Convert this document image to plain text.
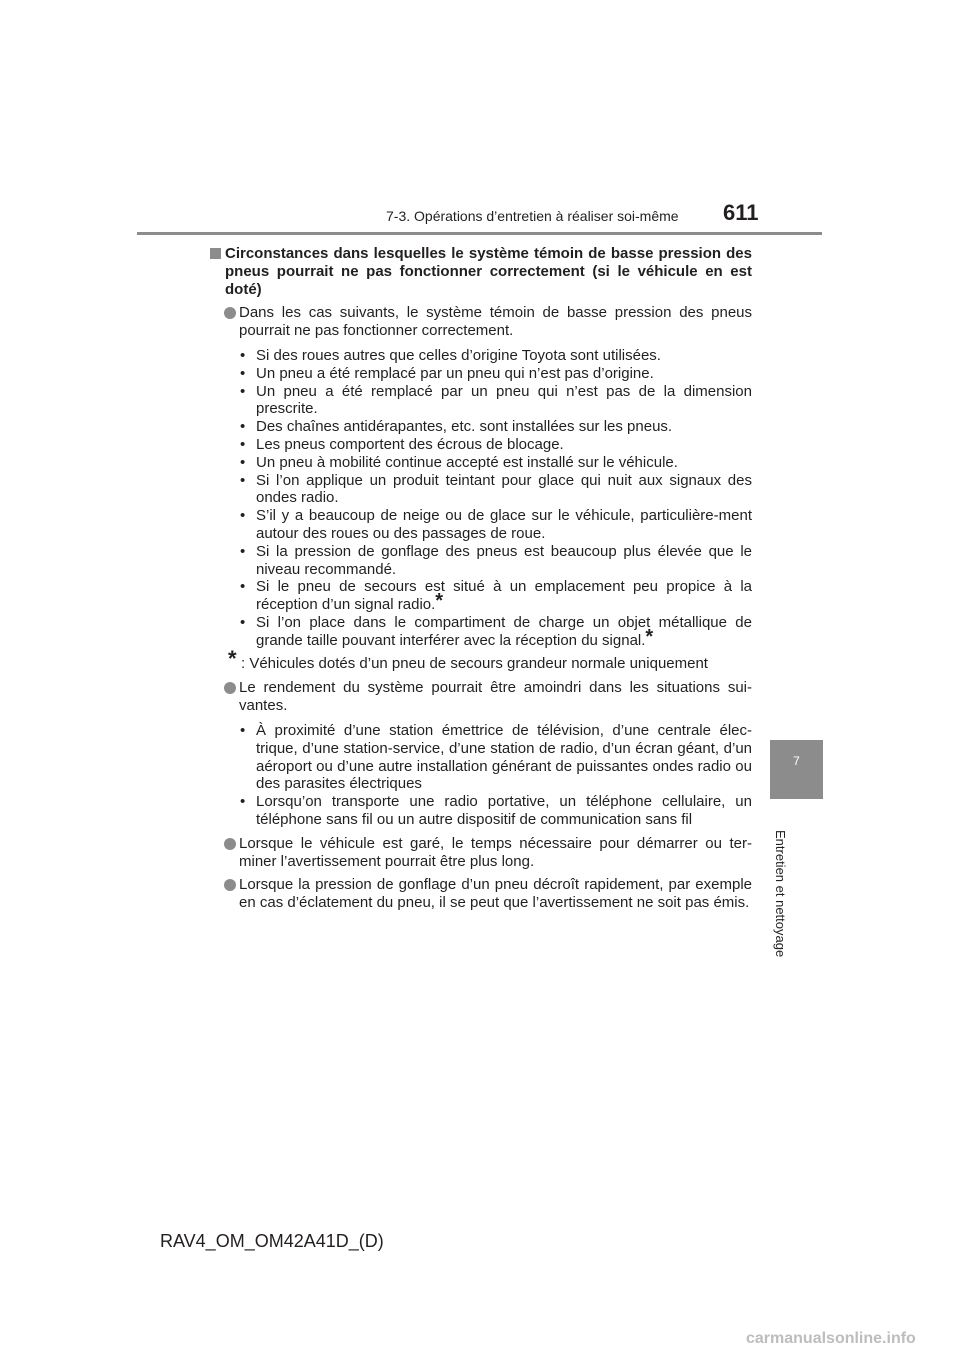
7-3. Opérations d’entretien à réaliser soi-même 611
7
Entretien et nettoyage
Circonstances dans lesquelles le système témoin de basse pression des pneus pourrait ne pas fonctionner correctement (si le véhicule en est doté)
Dans les cas suivants, le système témoin de basse pression des pneus pourrait ne pas fonctionner correctement.
• Si des roues autres que celles d’origine Toyota sont utilisées.
• Un pneu a été remplacé par un pneu qui n’est pas d’origine.
• Un pneu a été remplacé par un pneu qui n’est pas de la dimension prescrite.
• Des chaînes antidérapantes, etc. sont installées sur les pneus.
• Les pneus comportent des écrous de blocage.
• Un pneu à mobilité continue accepté est installé sur le véhicule.
• Si l’on applique un produit teintant pour glace qui nuit aux signaux des ondes radio.
• S’il y a beaucoup de neige ou de glace sur le véhicule, particulière-ment autour des roues ou des passages de roue.
• Si la pression de gonflage des pneus est beaucoup plus élevée que le niveau recommandé.
• Si le pneu de secours est situé à un emplacement peu propice à la réception d’un signal radio.*
• Si l’on place dans le compartiment de charge un objet métallique de grande taille pouvant interférer avec la réception du signal.*
* : Véhicules dotés d’un pneu de secours grandeur normale uniquement
Le rendement du système pourrait être amoindri dans les situations sui-vantes.
• À proximité d’une station émettrice de télévision, d’une centrale élec-trique, d’une station-service, d’une station de radio, d’un écran géant, d’un aéroport ou d’une autre installation générant de puissantes ondes radio ou des parasites électriques
• Lorsqu’on transporte une radio portative, un téléphone cellulaire, un téléphone sans fil ou un autre dispositif de communication sans fil
Lorsque le véhicule est garé, le temps nécessaire pour démarrer ou ter-miner l’avertissement pourrait être plus long.
Lorsque la pression de gonflage d’un pneu décroît rapidement, par exemple en cas d’éclatement du pneu, il se peut que l’avertissement ne soit pas émis.
RAV4_OM_OM42A41D_(D)
carmanualsonline.info
